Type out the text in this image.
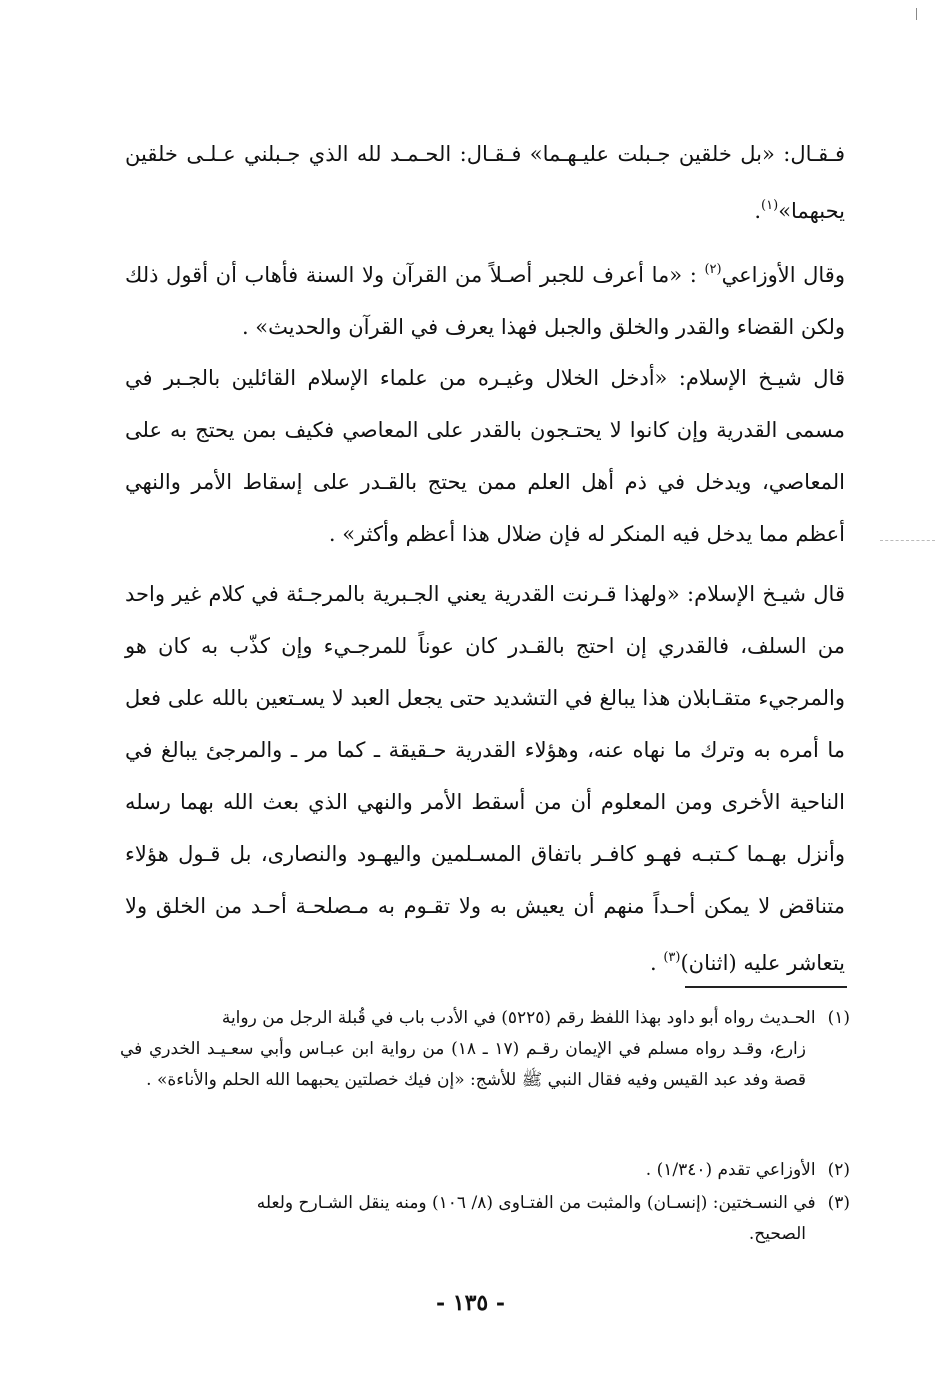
فـقـال: «بل خلقين جـبلت عليـهـما» فـقـال: الحـمـد لله الذي جـبلني عـلـى خلقين يحبهما»$^{(١)}$.

وقال الأوزاعي$^{(٢)}$ : «ما أعرف للجبر أصـلاً من القرآن ولا السنة فأهاب أن أقول ذلك ولكن القضاء والقدر والخلق والجبل فهذا يعرف في القرآن والحديث» .

قال شيـخ الإسلام: «أدخل الخلال وغيـره من علماء الإسلام القائلين بالجـبر في مسمى القدرية وإن كانوا لا يحتـجون بالقدر على المعاصي فكيف بمن يحتج به على المعاصي، ويدخل في ذم أهل العلم ممن يحتج بالقـدر على إسقاط الأمر والنهي أعظم مما يدخل فيه المنكر له فإن ضلال هذا أعظم وأكثر» .

قال شيـخ الإسلام: «ولهذا قـرنت القدرية يعني الجـبرية بالمرجـئة في كلام غير واحد من السلف، فالقدري إن احتج بالقـدر كان عوناً للمرجـيء وإن كذّب به كان هو والمرجيء متقـابلان هذا يبالغ في التشديد حتى يجعل العبد لا يسـتعين بالله على فعل ما أمره به وترك ما نهاه عنه، وهؤلاء القدرية حـقيقة ـ كما مر ـ والمرجئ يبالغ في الناحية الأخرى ومن المعلوم أن من أسقط الأمر والنهي الذي بعث الله بهما رسله وأنزل بهـما كـتبـه فهـو كافـر باتفاق المسـلمين واليهـود والنصارى، بل قـول هؤلاء متناقض لا يمكن أحـداً منهم أن يعيش به ولا تقـوم به مـصلحـة أحـد من الخلق ولا يتعاشر عليه (اثنان)$^{(٣)}$ .

(١)الحـديث رواه أبو داود بهذا اللفظ رقم (٥٢٢٥) في الأدب باب في قُبلة الرجل من رواية
زارع، وقـد رواه مسلم في الإيمان رقـم (١٧ ـ ١٨) من رواية ابن عبـاس وأبي سعـيـد الخدري في قصة وفد عبد القيس وفيه فقال النبي ﷺ للأشج: «إن فيك خصلتين يحبهما الله الحلم والأناءة» .
(٢)الأوزاعي تقدم (١/٣٤٠) .
(٣)في النسـختين: (إنسـان) والمثبت من الفتـاوى (٨/ ١٠٦) ومنه ينقل الشـارح ولعله
الصحيح.
- ١٣٥ -
